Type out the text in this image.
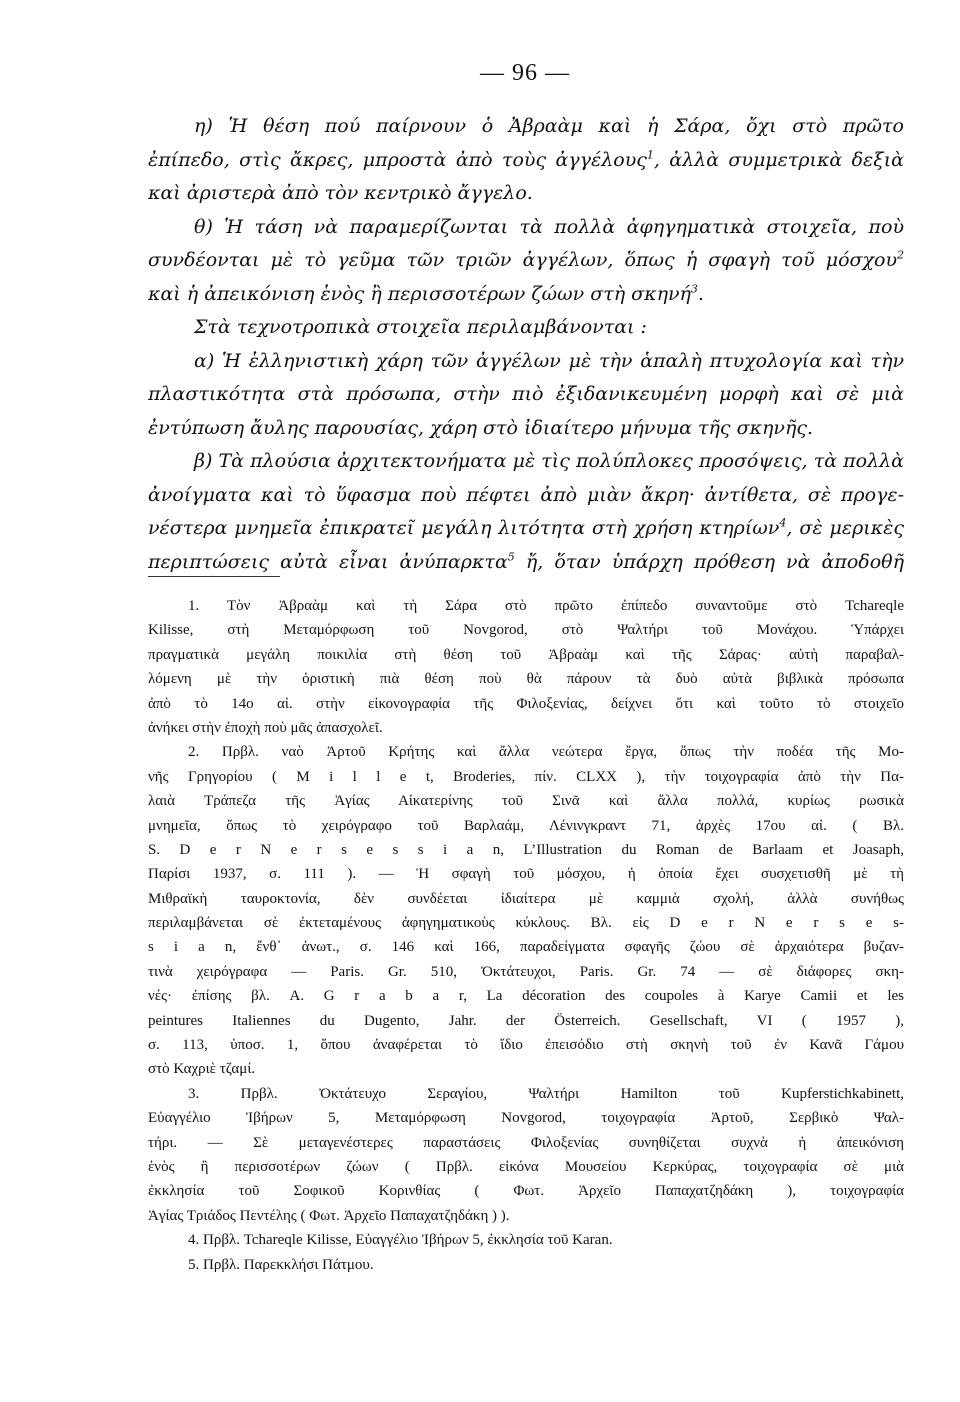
— 96 —
η) Ἡ θέση πού παίρνουν ὁ Ἀβραὰμ καὶ ἡ Σάρα, ὄχι στὸ πρῶτο
ἐπίπεδο, στὶς ἄκρες, μπροστὰ ἀπὸ τοὺς ἀγγέλους$^1$, ἀλλὰ συμμετρικὰ δεξιὰ
καὶ ἀριστερὰ ἀπὸ τὸν κεντρικὸ ἄγγελο.
θ) Ἡ τάση νὰ παραμερίζωνται τὰ πολλὰ ἀφηγηματικὰ στοιχεῖα, ποὺ
συνδέονται μὲ τὸ γεῦμα τῶν τριῶν ἀγγέλων, ὅπως ἡ σφαγὴ τοῦ μόσχου$^2$
καὶ ἡ ἀπεικόνιση ἑνὸς ἢ περισσοτέρων ζώων στὴ σκηνή$^3$.
Στὰ τεχνοτροπικὰ στοιχεῖα περιλαμβάνονται :
α) Ἡ ἑλληνιστικὴ χάρη τῶν ἀγγέλων μὲ τὴν ἁπαλὴ πτυχολογία καὶ τὴν
πλαστικότητα στὰ πρόσωπα, στὴν πιὸ ἐξιδανικευμένη μορφὴ καὶ σὲ μιὰ
ἐντύπωση ἄυλης παρουσίας, χάρη στὸ ἰδιαίτερο μήνυμα τῆς σκηνῆς.
β) Τὰ πλούσια ἀρχιτεκτονήματα μὲ τὶς πολύπλοκες προσόψεις, τὰ πολλὰ
ἀνοίγματα καὶ τὸ ὕφασμα ποὺ πέφτει ἀπὸ μιὰν ἄκρη· ἀντίθετα, σὲ προγε-
νέστερα μνημεῖα ἐπικρατεῖ μεγάλη λιτότητα στὴ χρήση κτηρίων$^4$, σὲ μερικὲς
περιπτώσεις αὐτὰ εἶναι ἀνύπαρκτα$^5$ ἤ, ὅταν ὑπάρχη πρόθεση νὰ ἀποδοθῆ
1. Τὸν Ἀβραὰμ καὶ τὴ Σάρα στὸ πρῶτο ἐπίπεδο συναντοῦμε στὸ Tchareqle
Kilisse, στὴ Μεταμόρφωση τοῦ Novgorod, στὸ Ψαλτήρι τοῦ Μονάχου. Ὑπάρχει
πραγματικὰ μεγάλη ποικιλία στὴ θέση τοῦ Ἀβραὰμ καὶ τῆς Σάρας· αὐτὴ παραβαλ-
λόμενη μὲ τὴν ὁριστικὴ πιὰ θέση ποὺ θὰ πάρουν τὰ δυὸ αὐτὰ βιβλικὰ πρόσωπα
ἀπὸ τὸ 14ο αἰ. στὴν εἰκονογραφία τῆς Φιλοξενίας, δείχνει ὅτι καὶ τοῦτο τὸ στοιχεῖο
ἀνήκει στὴν ἐποχὴ ποὺ μᾶς ἀπασχολεῖ.
2. Πρβλ. ναὸ Ἀρτοῦ Κρήτης καὶ ἄλλα νεώτερα ἔργα, ὅπως τὴν ποδέα τῆς Μο-
νῆς Γρηγορίου ( M i l l e t, Broderies, πίν. CLXX ), τὴν τοιχογραφία ἀπὸ τὴν Πα-
λαιὰ Τράπεζα τῆς Ἁγίας Αἰκατερίνης τοῦ Σινᾶ καὶ ἄλλα πολλά, κυρίως ρωσικὰ
μνημεῖα, ὅπως τὸ χειρόγραφο τοῦ Βαρλαάμ, Λένινγκραντ 71, ἀρχὲς 17ου αἰ. ( Βλ.
S. D e r N e r s e s s i a n, L’Illustration du Roman de Barlaam et Joasaph,
Παρίσι 1937, σ. 111 ). — Ἡ σφαγὴ τοῦ μόσχου, ἡ ὁποία ἔχει συσχετισθῆ μὲ τὴ
Μιθραϊκὴ ταυροκτονία, δὲν συνδέεται ἰδιαίτερα μὲ καμμιὰ σχολή, ἀλλὰ συνήθως
περιλαμβάνεται σὲ ἐκτεταμένους ἀφηγηματικοὺς κύκλους. Βλ. εἰς D e r N e r s e s-
s i a n, ἔνθ᾽ ἀνωτ., σ. 146 καὶ 166, παραδείγματα σφαγῆς ζώου σὲ ἀρχαιότερα βυζαν-
τινὰ χειρόγραφα — Paris. Gr. 510, Ὀκτάτευχοι, Paris. Gr. 74 — σὲ διάφορες σκη-
νές· ἐπίσης βλ. A. G r a b a r, La décoration des coupoles à Karye Camii et les
peintures Italiennes du Dugento, Jahr. der Österreich. Gesellschaft, VI ( 1957 ),
σ. 113, ὑποσ. 1, ὅπου ἀναφέρεται τὸ ἴδιο ἐπεισόδιο στὴ σκηνὴ τοῦ ἐν Κανᾶ Γάμου
στὸ Καχριὲ τζαμί.
3. Πρβλ. Ὀκτάτευχο Σεραγίου, Ψαλτήρι Hamilton τοῦ Kupferstichkabinett,
Εὐαγγέλιο Ἰβήρων 5, Μεταμόρφωση Novgorod, τοιχογραφία Ἀρτοῦ, Σερβικὸ Ψαλ-
τήρι. — Σὲ μεταγενέστερες παραστάσεις Φιλοξενίας συνηθίζεται συχνὰ ἡ ἀπεικόνιση
ἑνὸς ἢ περισσοτέρων ζώων ( Πρβλ. εἰκόνα Μουσείου Κερκύρας, τοιχογραφία σὲ μιὰ
ἐκκλησία τοῦ Σοφικοῦ Κορινθίας ( Φωτ. Ἀρχεῖο Παπαχατζηδάκη ), τοιχογραφία
Ἁγίας Τριάδος Πεντέλης ( Φωτ. Ἀρχεῖο Παπαχατζηδάκη ) ).
4. Πρβλ. Tchareqle Kilisse, Εὐαγγέλιο Ἰβήρων 5, ἐκκλησία τοῦ Karan.
5. Πρβλ. Παρεκκλήσι Πάτμου.
